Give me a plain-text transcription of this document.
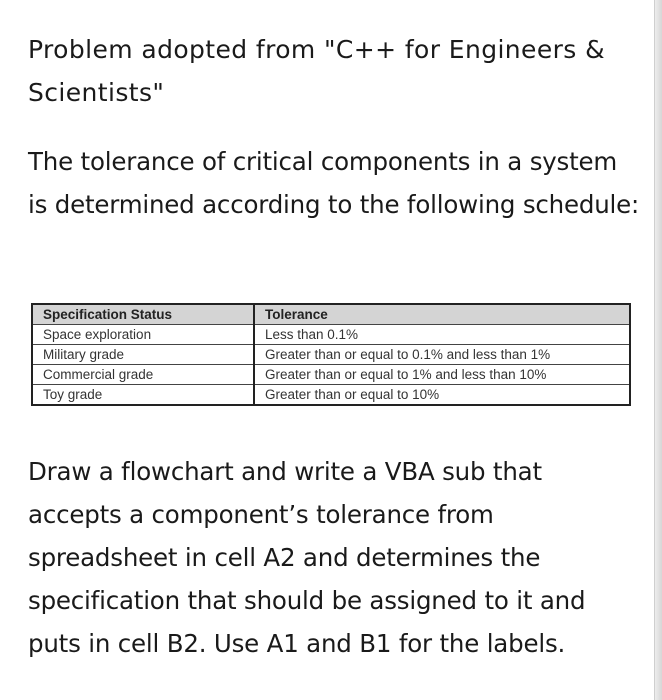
Problem adopted from "C++ for Engineers & Scientists"

The tolerance of critical components in a system is determined according to the following schedule:

Specification Status	Tolerance
Space exploration	Less than 0.1%
Military grade	Greater than or equal to 0.1% and less than 1%
Commercial grade	Greater than or equal to 1% and less than 10%
Toy grade	Greater than or equal to 10%

Draw a flowchart and write a VBA sub that accepts a component’s tolerance from spreadsheet in cell A2 and determines the specification that should be assigned to it and puts in cell B2. Use A1 and B1 for the labels.
